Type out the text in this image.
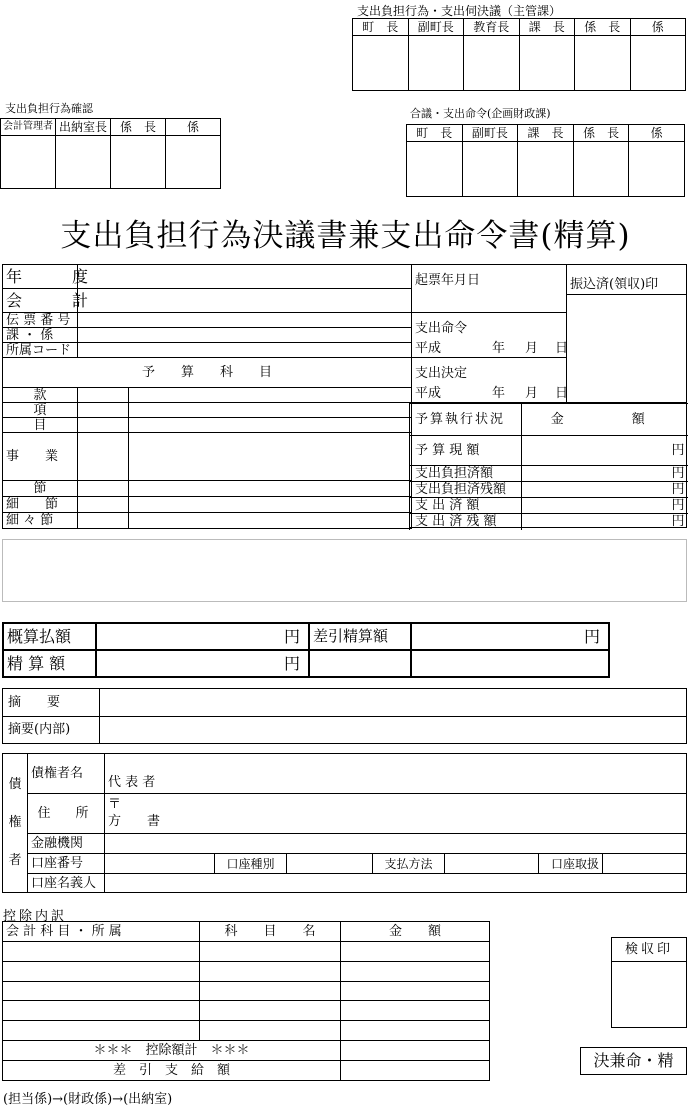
支出負担行為・支出伺決議（主管課）
町　長	副町長	教育長	課　長	係　長	係

支出負担行為確認
会計管理者	出納室長	係　長	係

合議・支出命令(企画財政課)
町　長	副町長	課　長	係　長	係

支出負担行為決議書兼支出命令書(精算)
年　　度		
会　　計		
伝 票 番 号		
課 ・ 係		
所属コード		
予　　算　　科　　目		
款		
項		
目		
事　　業		
節		
細　　節		
細 々 節		
起票年月日	振込済(領収)印
支出命令
平成	年 月 日
支出決定
平成	年 月 日
予算執行状況	金　　額
予 算 現 額	円
支出負担済額	円
支出負担済残額	円
支 出 済 額	円
支 出 済 残 額	円
概算払額	円	差引精算額	円
精 算 額	円		
摘　　要	
摘要(内部)	
債
権
者	債権者名	代 表 者						
	住　所	〒
方　　書						
	金融機関							
	口座番号		口座種別		支払方法		口座取扱	
	口座名義人							
控除内訳
会 計 科 目 ・ 所 属	科　　目　　名	金　　額

＊＊＊　控除額計　＊＊＊		
差　引　支　給　額		
検収印
決兼命・精
(担当係)→(財政係)→(出納室)
